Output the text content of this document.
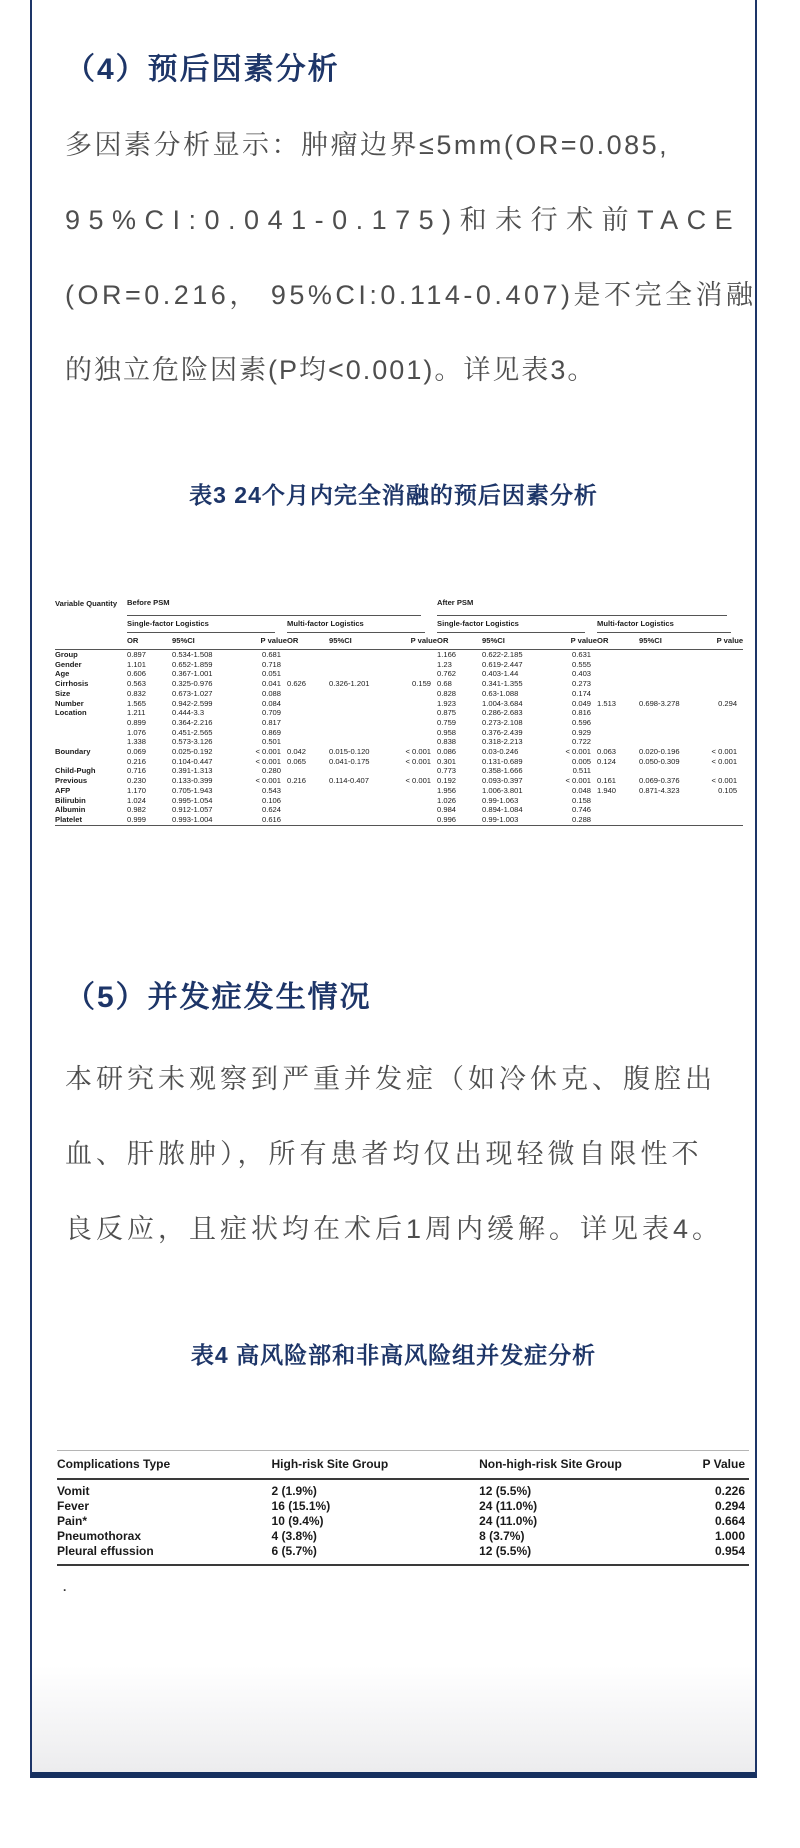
（4）预后因素分析
多因素分析显示：肿瘤边界≤5mm(OR=0.085,
95%CI:0.041-0.175)和未行术前TACE
(OR=0.216， 95%CI:0.114-0.407)是不完全消融
的独立危险因素(P均<0.001)。详见表3。
表3 24个月内完全消融的预后因素分析
Variable Quantity	Before PSM						After PSM					

	Single-factor Logistics			Multi-factor Logistics			Single-factor Logistics			Multi-factor Logistics		

	OR	95%CI	P value	OR	95%CI	P value	OR	95%CI	P value	OR	95%CI	P value
Group	0.897	0.534-1.508	0.681				1.166	0.622-2.185	0.631			
Gender	1.101	0.652-1.859	0.718				1.23	0.619-2.447	0.555			
Age	0.606	0.367-1.001	0.051				0.762	0.403-1.44	0.403			
Cirrhosis	0.563	0.325-0.976	0.041	0.626	0.326-1.201	0.159	0.68	0.341-1.355	0.273			
Size	0.832	0.673-1.027	0.088				0.828	0.63-1.088	0.174			
Number	1.565	0.942-2.599	0.084				1.923	1.004-3.684	0.049	1.513	0.698-3.278	0.294
Location	1.211	0.444-3.3	0.709				0.875	0.286-2.683	0.816			
	0.899	0.364-2.216	0.817				0.759	0.273-2.108	0.596			
	1.076	0.451-2.565	0.869				0.958	0.376-2.439	0.929			
	1.338	0.573-3.126	0.501				0.838	0.318-2.213	0.722			
Boundary	0.069	0.025-0.192	< 0.001	0.042	0.015-0.120	< 0.001	0.086	0.03-0.246	< 0.001	0.063	0.020-0.196	< 0.001
	0.216	0.104-0.447	< 0.001	0.065	0.041-0.175	< 0.001	0.301	0.131-0.689	0.005	0.124	0.050-0.309	< 0.001
Child-Pugh	0.716	0.391-1.313	0.280				0.773	0.358-1.666	0.511			
Previous	0.230	0.133-0.399	< 0.001	0.216	0.114-0.407	< 0.001	0.192	0.093-0.397	< 0.001	0.161	0.069-0.376	< 0.001
AFP	1.170	0.705-1.943	0.543				1.956	1.006-3.801	0.048	1.940	0.871-4.323	0.105
Bilirubin	1.024	0.995-1.054	0.106				1.026	0.99-1.063	0.158			
Albumin	0.982	0.912-1.057	0.624				0.984	0.894-1.084	0.746			
Platelet	0.999	0.993-1.004	0.616				0.996	0.99-1.003	0.288			
（5）并发症发生情况
本研究未观察到严重并发症（如冷休克、腹腔出
血、肝脓肿），所有患者均仅出现轻微自限性不
良反应，且症状均在术后1周内缓解。详见表4。
表4 高风险部和非高风险组并发症分析
Complications Type	High-risk Site Group	Non-high-risk Site Group	P Value
Vomit	2 (1.9%)	12 (5.5%)	0.226
Fever	16 (15.1%)	24 (11.0%)	0.294
Pain*	10 (9.4%)	24 (11.0%)	0.664
Pneumothorax	4 (3.8%)	8 (3.7%)	1.000
Pleural effussion	6 (5.7%)	12 (5.5%)	0.954
.
